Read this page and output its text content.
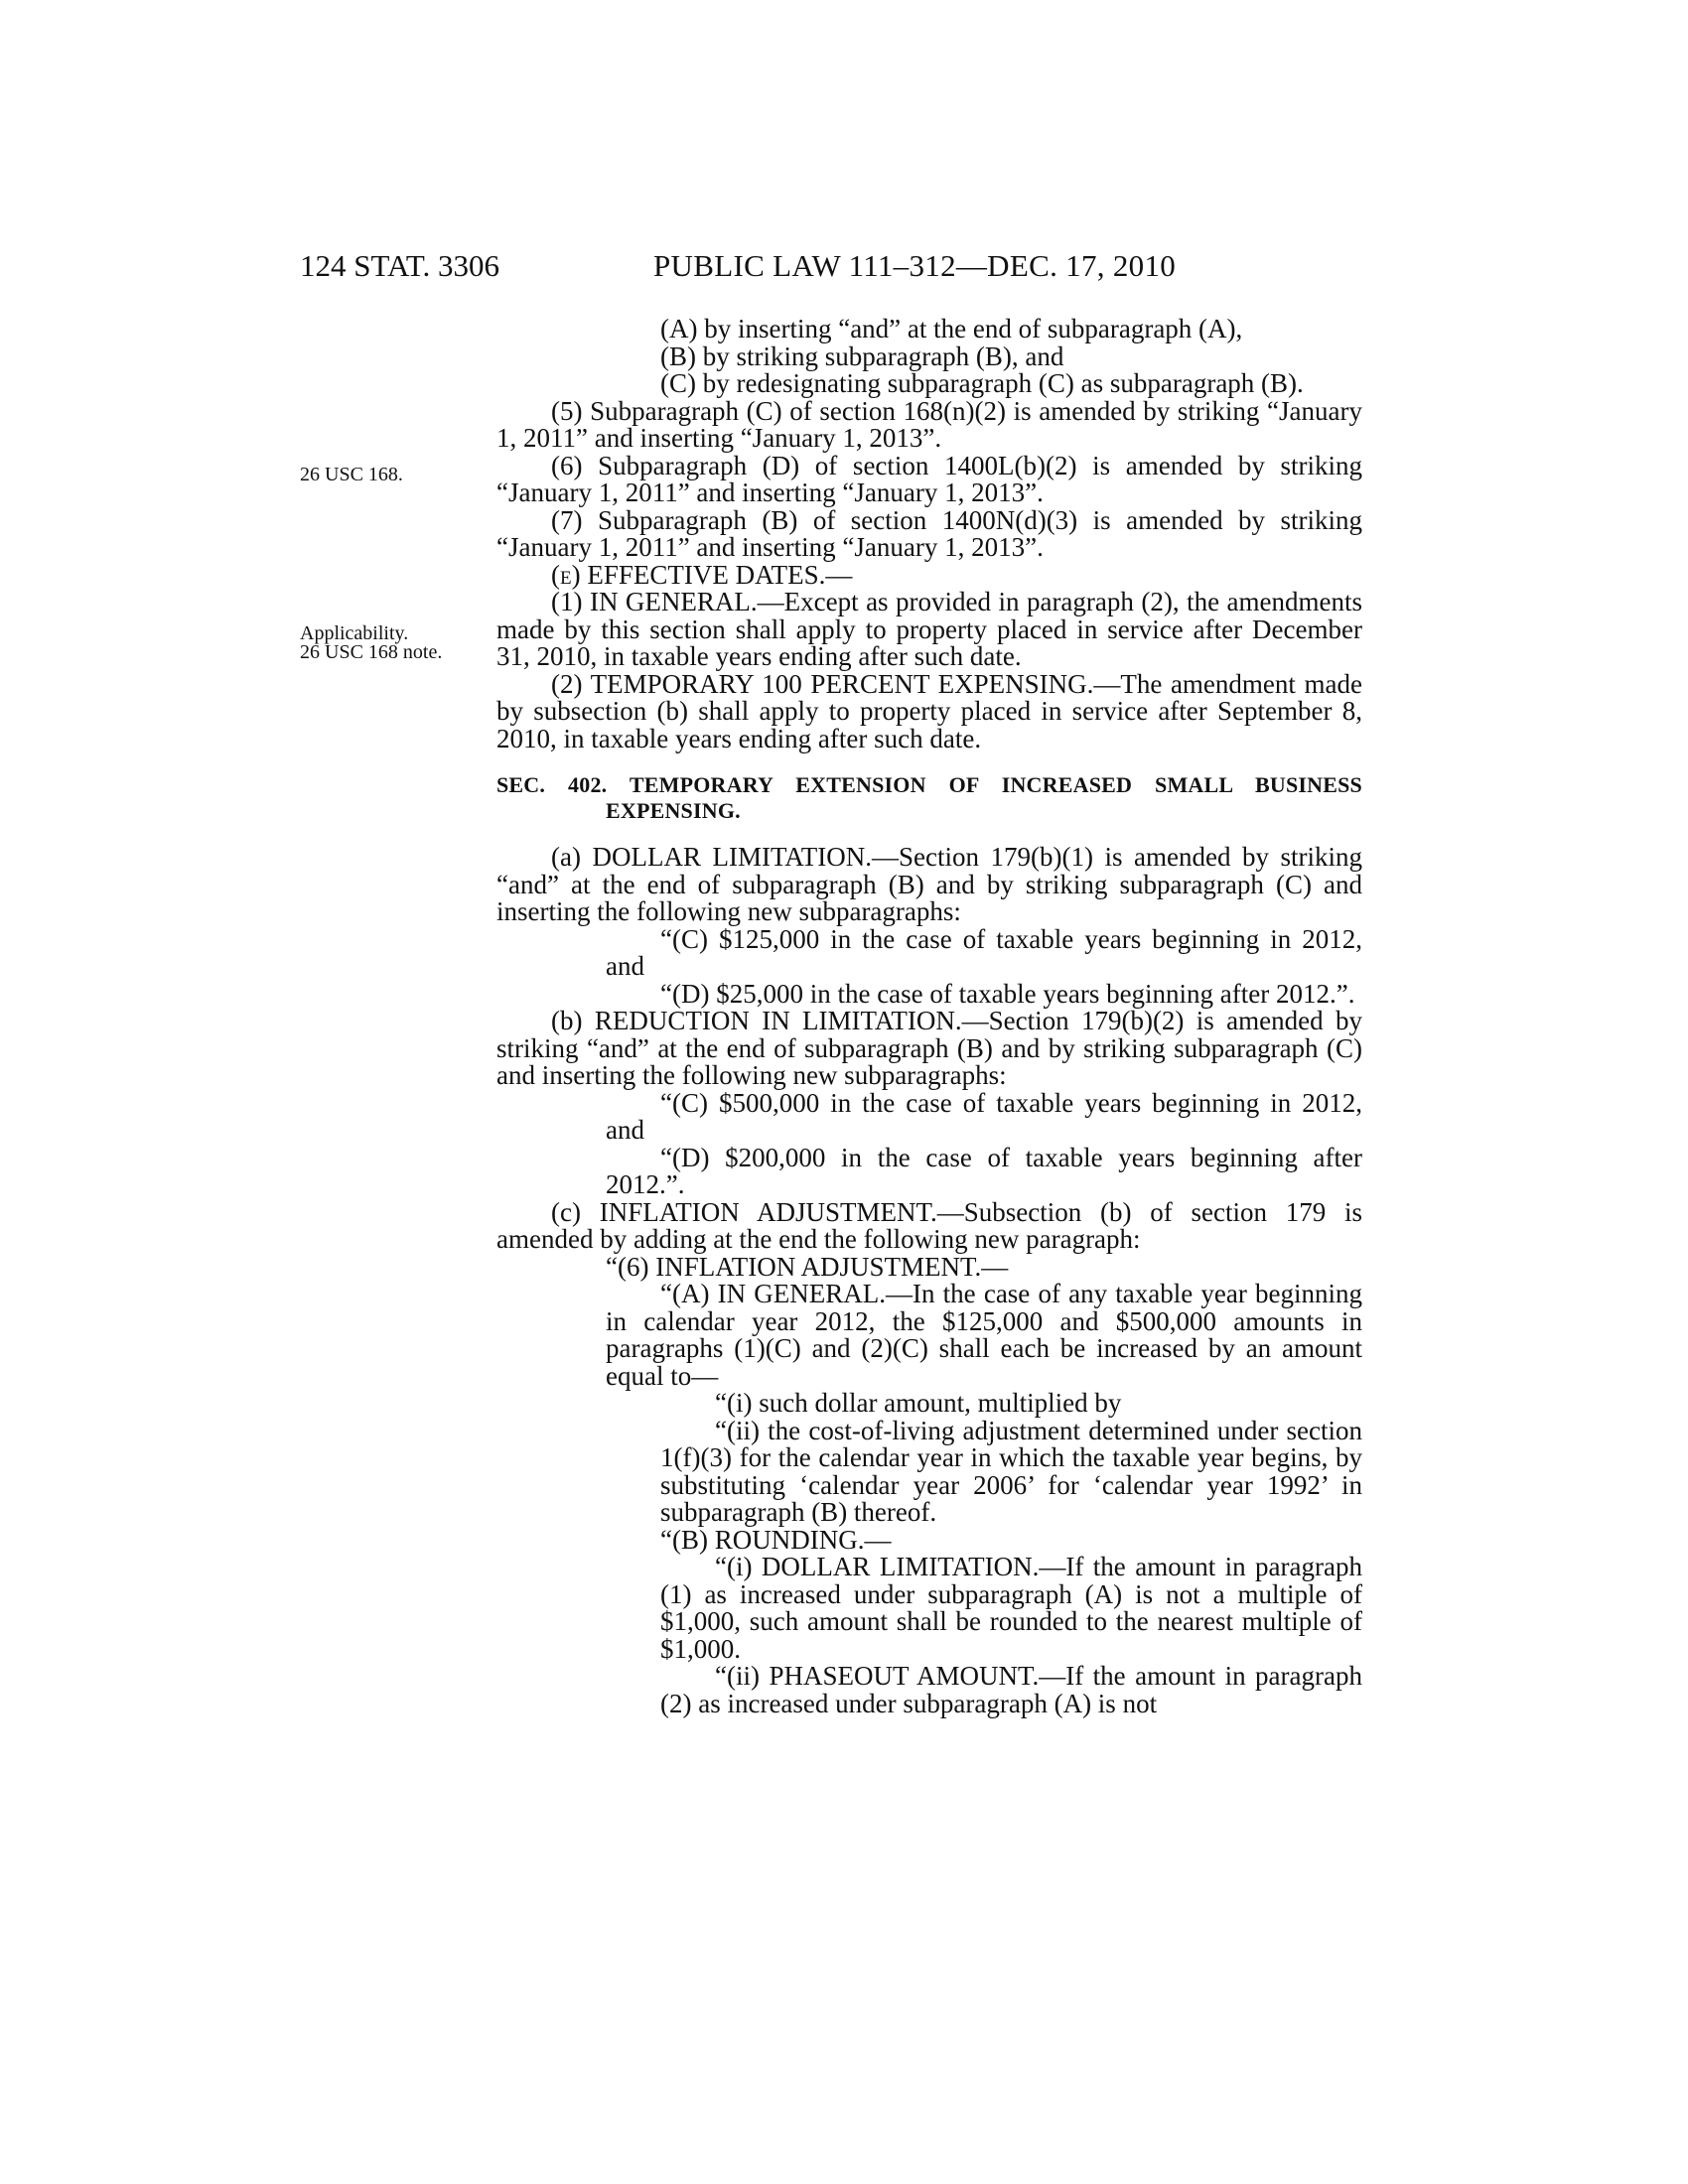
124 STAT. 3306	PUBLIC LAW 111–312—DEC. 17, 2010
26 USC 168.
Applicability.
26 USC 168 note.

(A) by inserting “and” at the end of subparagraph (A),

(B) by striking subparagraph (B), and

(C) by redesignating subparagraph (C) as subparagraph (B).

(5) Subparagraph (C) of section 168(n)(2) is amended by striking “January 1, 2011” and inserting “January 1, 2013”.

(6) Subparagraph (D) of section 1400L(b)(2) is amended by striking “January 1, 2011” and inserting “January 1, 2013”.

(7) Subparagraph (B) of section 1400N(d)(3) is amended by striking “January 1, 2011” and inserting “January 1, 2013”.

(e) EFFECTIVE DATES.—

(1) IN GENERAL.—Except as provided in paragraph (2), the amendments made by this section shall apply to property placed in service after December 31, 2010, in taxable years ending after such date.

(2) TEMPORARY 100 PERCENT EXPENSING.—The amendment made by subsection (b) shall apply to property placed in service after September 8, 2010, in taxable years ending after such date.

SEC. 402. TEMPORARY EXTENSION OF INCREASED SMALL BUSINESS EXPENSING.

(a) DOLLAR LIMITATION.—Section 179(b)(1) is amended by striking “and” at the end of subparagraph (B) and by striking subparagraph (C) and inserting the following new subparagraphs:

“(C) $125,000 in the case of taxable years beginning in 2012, and

“(D) $25,000 in the case of taxable years beginning after 2012.”.

(b) REDUCTION IN LIMITATION.—Section 179(b)(2) is amended by striking “and” at the end of subparagraph (B) and by striking subparagraph (C) and inserting the following new subparagraphs:

“(C) $500,000 in the case of taxable years beginning in 2012, and

“(D) $200,000 in the case of taxable years beginning after 2012.”.

(c) INFLATION ADJUSTMENT.—Subsection (b) of section 179 is amended by adding at the end the following new paragraph:

“(6) INFLATION ADJUSTMENT.—

“(A) IN GENERAL.—In the case of any taxable year beginning in calendar year 2012, the $125,000 and $500,000 amounts in paragraphs (1)(C) and (2)(C) shall each be increased by an amount equal to—

“(i) such dollar amount, multiplied by

“(ii) the cost-of-living adjustment determined under section 1(f)(3) for the calendar year in which the taxable year begins, by substituting ‘calendar year 2006’ for ‘calendar year 1992’ in subparagraph (B) thereof.

“(B) ROUNDING.—

“(i) DOLLAR LIMITATION.—If the amount in paragraph (1) as increased under subparagraph (A) is not a multiple of $1,000, such amount shall be rounded to the nearest multiple of $1,000.

“(ii) PHASEOUT AMOUNT.—If the amount in paragraph (2) as increased under subparagraph (A) is not
